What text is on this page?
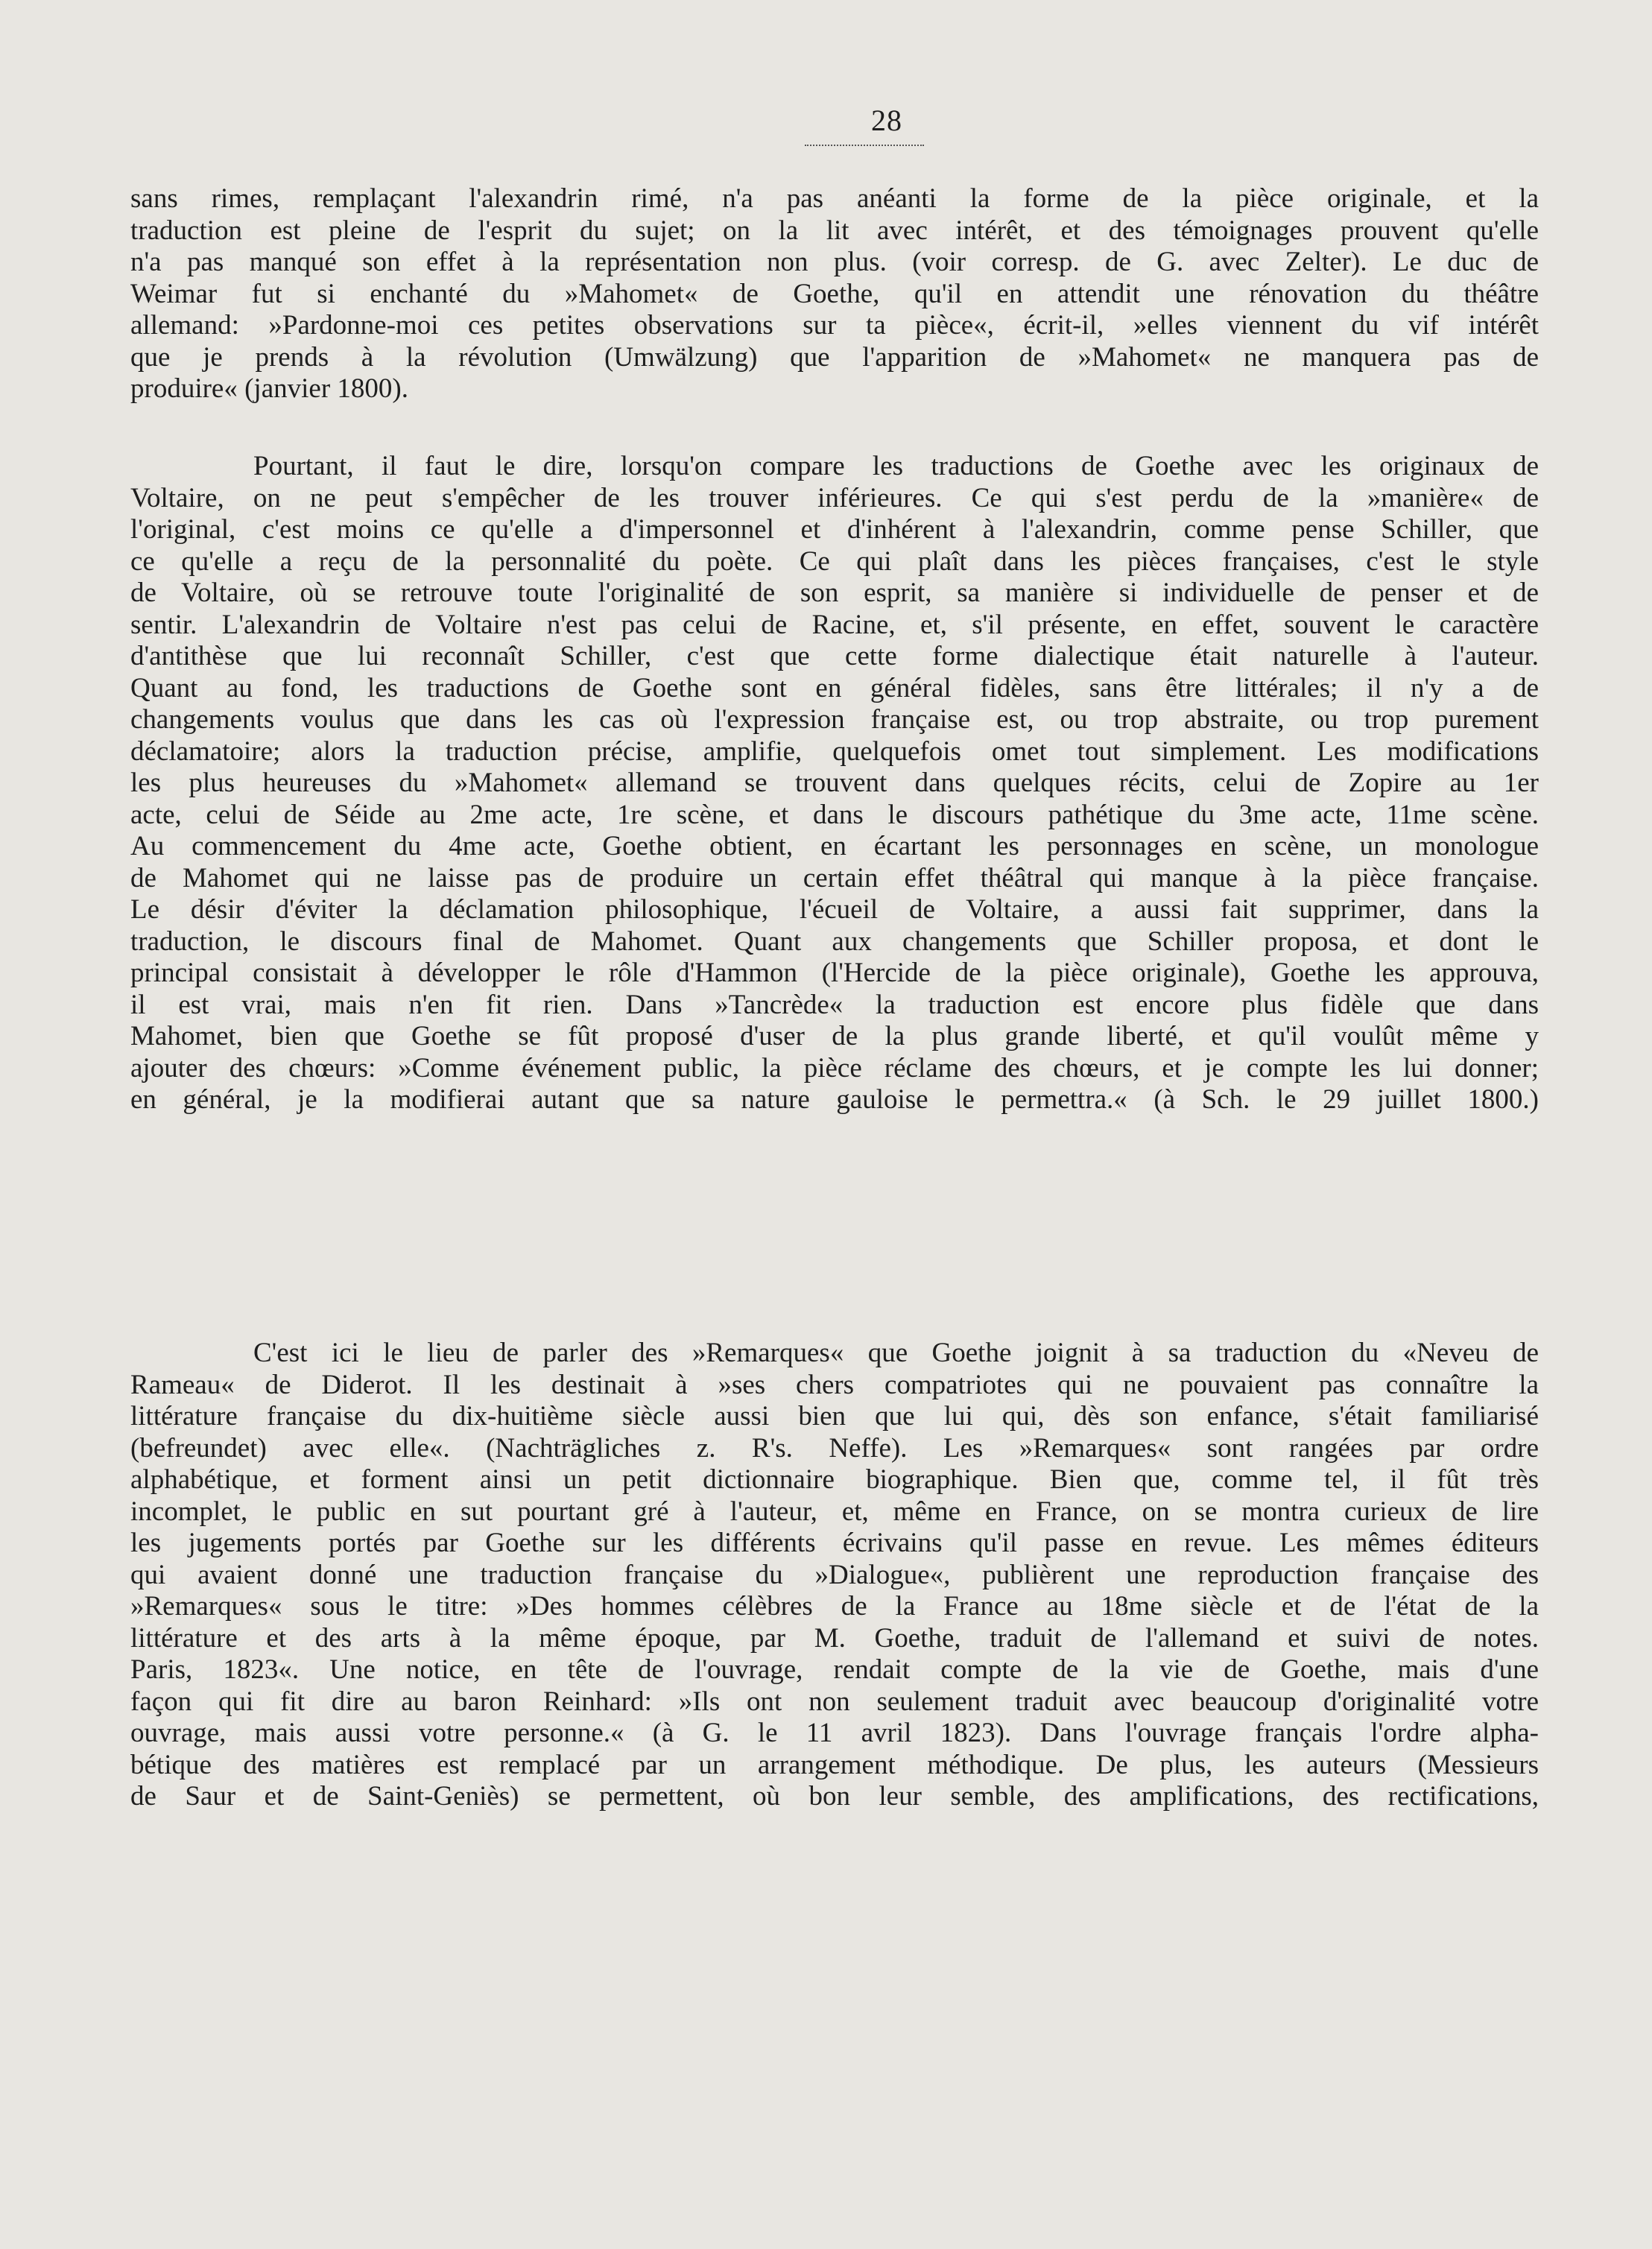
28
sans rimes, remplaçant l'alexandrin rimé, n'a pas anéanti la forme de la pièce originale, et la
traduction est pleine de l'esprit du sujet; on la lit avec intérêt, et des témoignages prouvent qu'elle
n'a pas manqué son effet à la représentation non plus. (voir corresp. de G. avec Zelter). Le duc de
Weimar fut si enchanté du »Mahomet« de Goethe, qu'il en attendit une rénovation du théâtre
allemand: »Pardonne-moi ces petites observations sur ta pièce«, écrit-il, »elles viennent du vif intérêt
que je prends à la révolution (Umwälzung) que l'apparition de »Mahomet« ne manquera pas de
produire« (janvier 1800).
Pourtant, il faut le dire, lorsqu'on compare les traductions de Goethe avec les originaux de
Voltaire, on ne peut s'empêcher de les trouver inférieures. Ce qui s'est perdu de la »manière« de
l'original, c'est moins ce qu'elle a d'impersonnel et d'inhérent à l'alexandrin, comme pense Schiller, que
ce qu'elle a reçu de la personnalité du poète. Ce qui plaît dans les pièces françaises, c'est le style
de Voltaire, où se retrouve toute l'originalité de son esprit, sa manière si individuelle de penser et de
sentir. L'alexandrin de Voltaire n'est pas celui de Racine, et, s'il présente, en effet, souvent le caractère
d'antithèse que lui reconnaît Schiller, c'est que cette forme dialectique était naturelle à l'auteur.
Quant au fond, les traductions de Goethe sont en général fidèles, sans être littérales; il n'y a de
changements voulus que dans les cas où l'expression française est, ou trop abstraite, ou trop purement
déclamatoire; alors la traduction précise, amplifie, quelquefois omet tout simplement. Les modifications
les plus heureuses du »Mahomet« allemand se trouvent dans quelques récits, celui de Zopire au 1er
acte, celui de Séide au 2me acte, 1re scène, et dans le discours pathétique du 3me acte, 11me scène.
Au commencement du 4me acte, Goethe obtient, en écartant les personnages en scène, un monologue
de Mahomet qui ne laisse pas de produire un certain effet théâtral qui manque à la pièce française.
Le désir d'éviter la déclamation philosophique, l'écueil de Voltaire, a aussi fait supprimer, dans la
traduction, le discours final de Mahomet. Quant aux changements que Schiller proposa, et dont le
principal consistait à développer le rôle d'Hammon (l'Hercide de la pièce originale), Goethe les approuva,
il est vrai, mais n'en fit rien. Dans »Tancrède« la traduction est encore plus fidèle que dans
Mahomet, bien que Goethe se fût proposé d'user de la plus grande liberté, et qu'il voulût même y
ajouter des chœurs: »Comme événement public, la pièce réclame des chœurs, et je compte les lui donner;
en général, je la modifierai autant que sa nature gauloise le permettra.« (à Sch. le 29 juillet 1800.)
C'est ici le lieu de parler des »Remarques« que Goethe joignit à sa traduction du «Neveu de
Rameau« de Diderot. Il les destinait à »ses chers compatriotes qui ne pouvaient pas connaître la
littérature française du dix-huitième siècle aussi bien que lui qui, dès son enfance, s'était familiarisé
(befreundet) avec elle«. (Nachträgliches z. R's. Neffe). Les »Remarques« sont rangées par ordre
alphabétique, et forment ainsi un petit dictionnaire biographique. Bien que, comme tel, il fût très
incomplet, le public en sut pourtant gré à l'auteur, et, même en France, on se montra curieux de lire
les jugements portés par Goethe sur les différents écrivains qu'il passe en revue. Les mêmes éditeurs
qui avaient donné une traduction française du »Dialogue«, publièrent une reproduction française des
»Remarques« sous le titre: »Des hommes célèbres de la France au 18me siècle et de l'état de la
littérature et des arts à la même époque, par M. Goethe, traduit de l'allemand et suivi de notes.
Paris, 1823«. Une notice, en tête de l'ouvrage, rendait compte de la vie de Goethe, mais d'une
façon qui fit dire au baron Reinhard: »Ils ont non seulement traduit avec beaucoup d'originalité votre
ouvrage, mais aussi votre personne.« (à G. le 11 avril 1823). Dans l'ouvrage français l'ordre alpha-
bétique des matières est remplacé par un arrangement méthodique. De plus, les auteurs (Messieurs
de Saur et de Saint-Geniès) se permettent, où bon leur semble, des amplifications, des rectifications,
